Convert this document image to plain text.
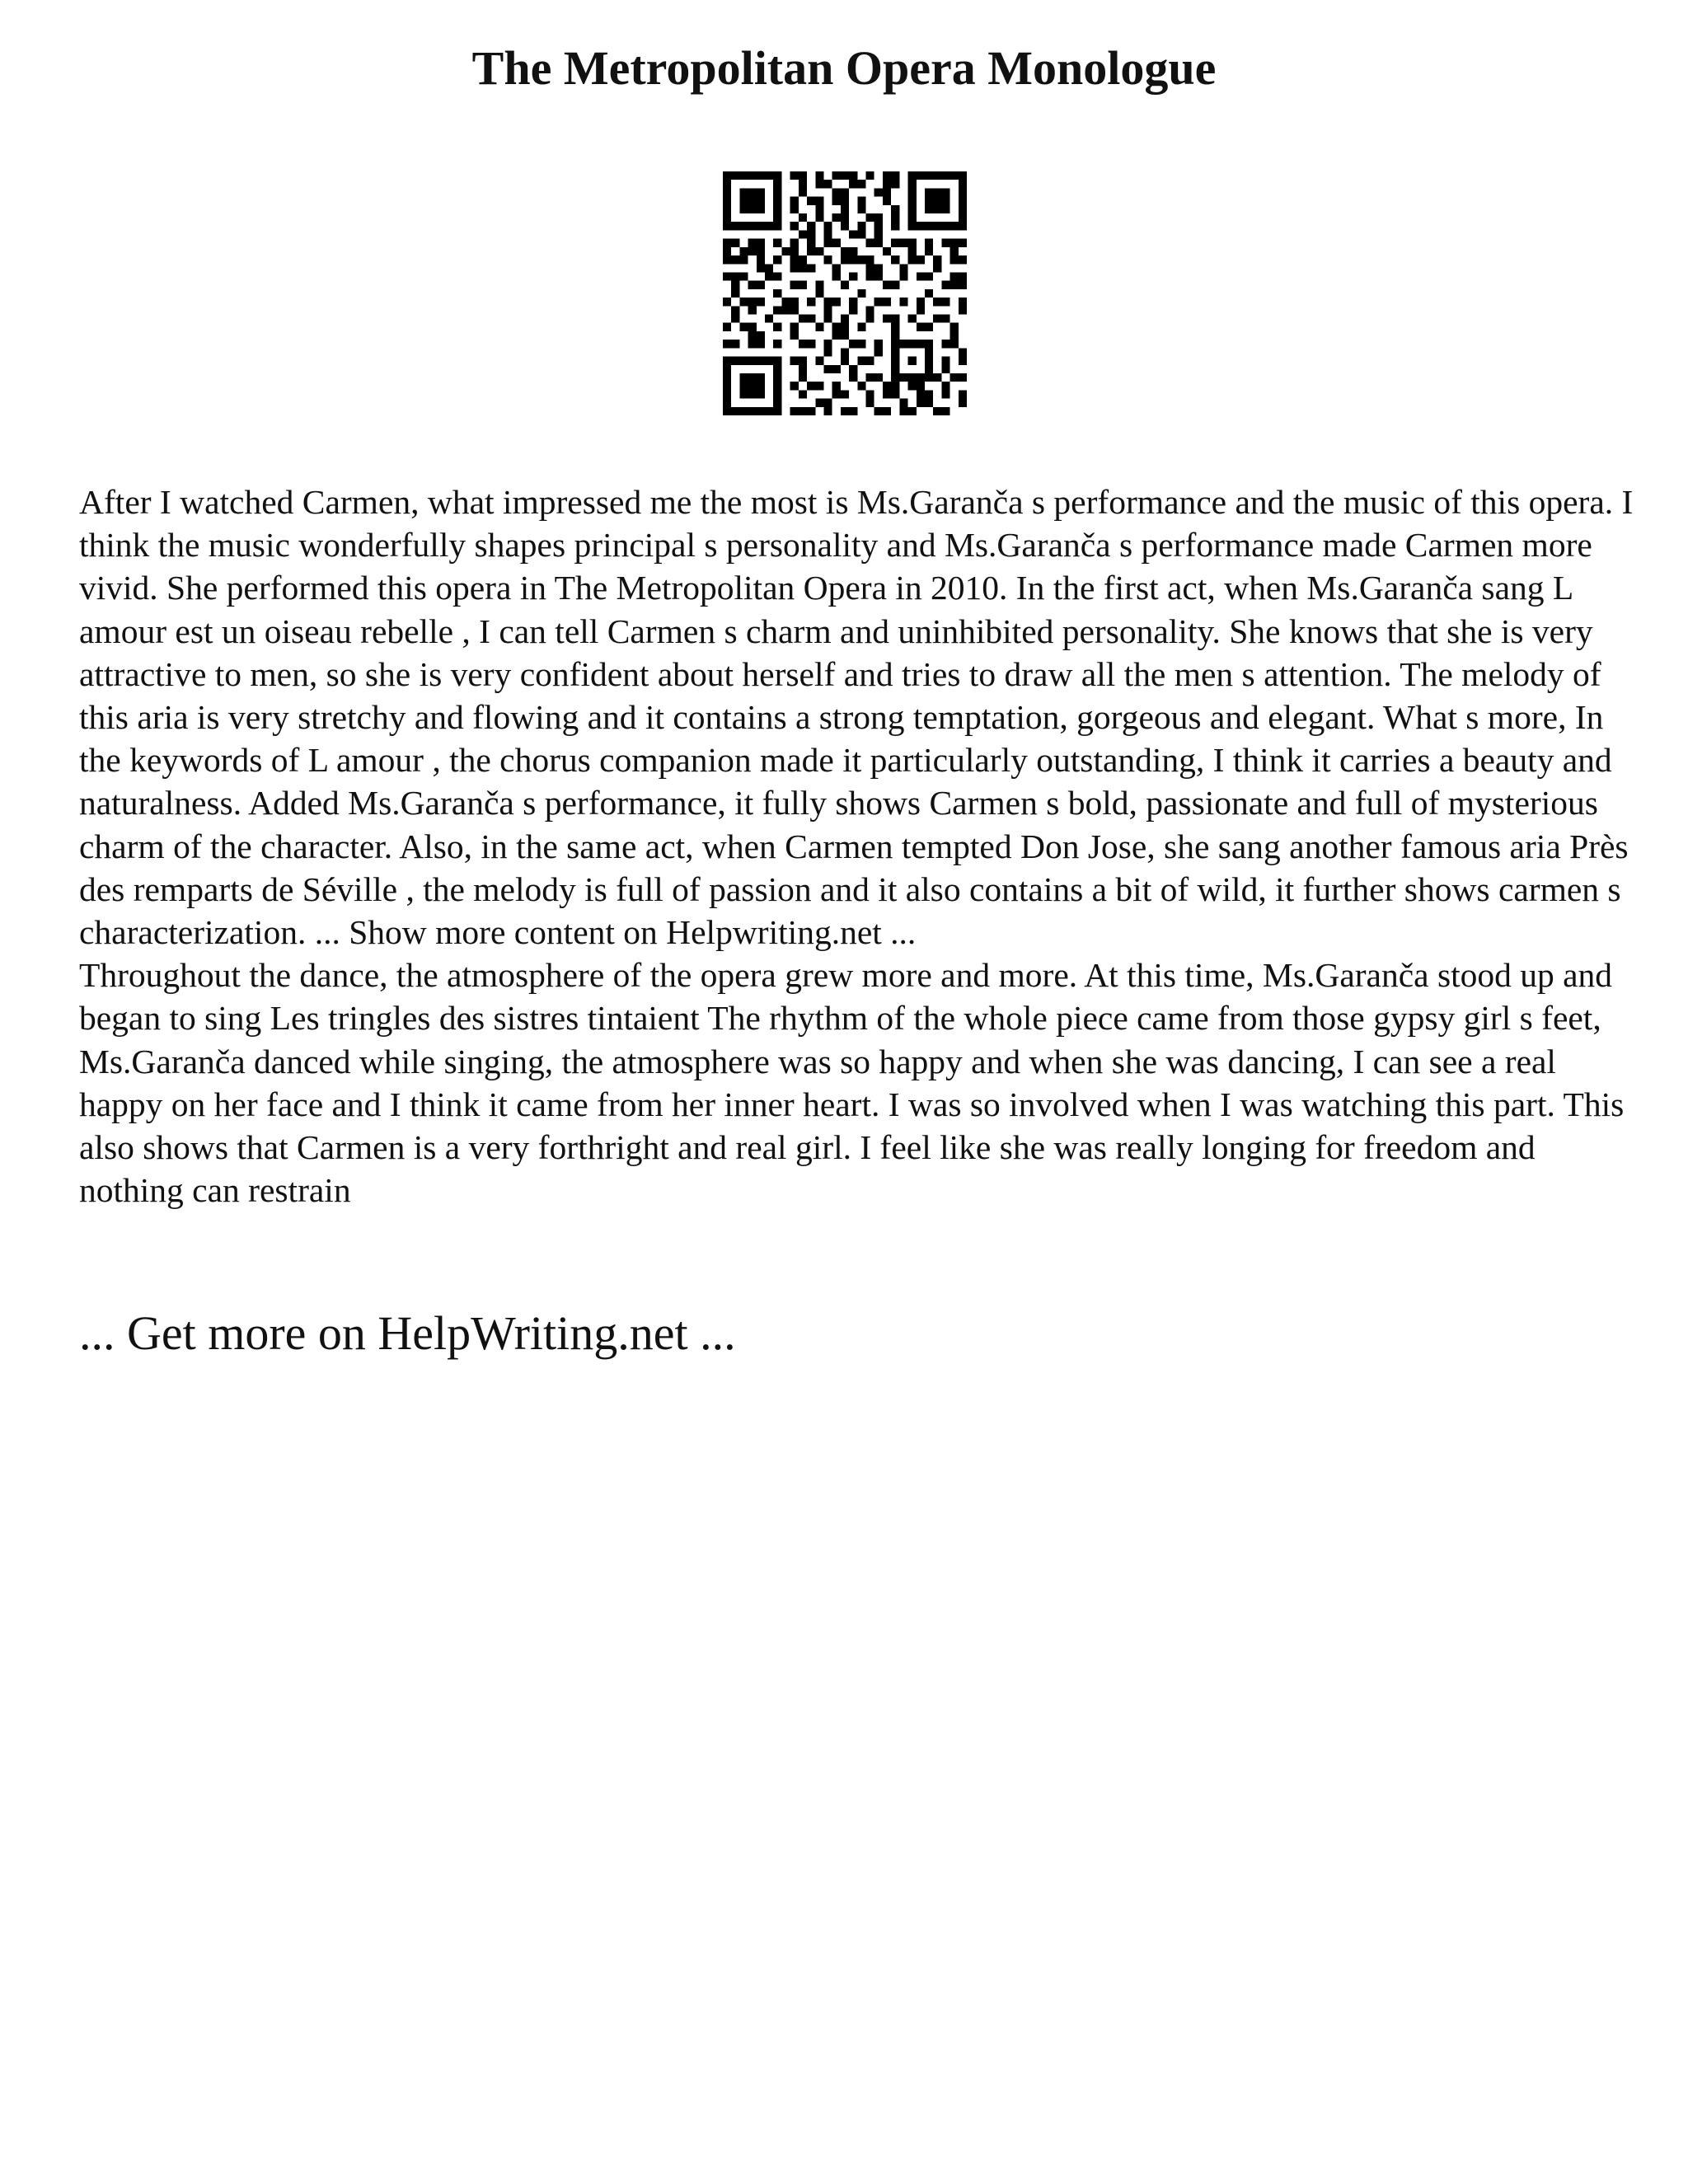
The Metropolitan Opera Monologue

After I watched Carmen, what impressed me the most is Ms.Garanča s performance and the music of this opera. I think the music wonderfully shapes principal s personality and Ms.Garanča s performance made Carmen more vivid. She performed this opera in The Metropolitan Opera in 2010. In the first act, when Ms.Garanča sang L amour est un oiseau rebelle , I can tell Carmen s charm and uninhibited personality. She knows that she is very attractive to men, so she is very confident about herself and tries to draw all the men s attention. The melody of this aria is very stretchy and flowing and it contains a strong temptation, gorgeous and elegant. What s more, In the keywords of L amour , the chorus companion made it particularly outstanding, I think it carries a beauty and naturalness. Added Ms.Garanča s performance, it fully shows Carmen s bold, passionate and full of mysterious charm of the character. Also, in the same act, when Carmen tempted Don Jose, she sang another famous aria Près des remparts de Séville , the melody is full of passion and it also contains a bit of wild, it further shows carmen s characterization. ... Show more content on Helpwriting.net ...

Throughout the dance, the atmosphere of the opera grew more and more. At this time, Ms.Garanča stood up and began to sing Les tringles des sistres tintaient The rhythm of the whole piece came from those gypsy girl s feet, Ms.Garanča danced while singing, the atmosphere was so happy and when she was dancing, I can see a real happy on her face and I think it came from her inner heart. I was so involved when I was watching this part. This also shows that Carmen is a very forthright and real girl. I feel like she was really longing for freedom and nothing can restrain

... Get more on HelpWriting.net ...
